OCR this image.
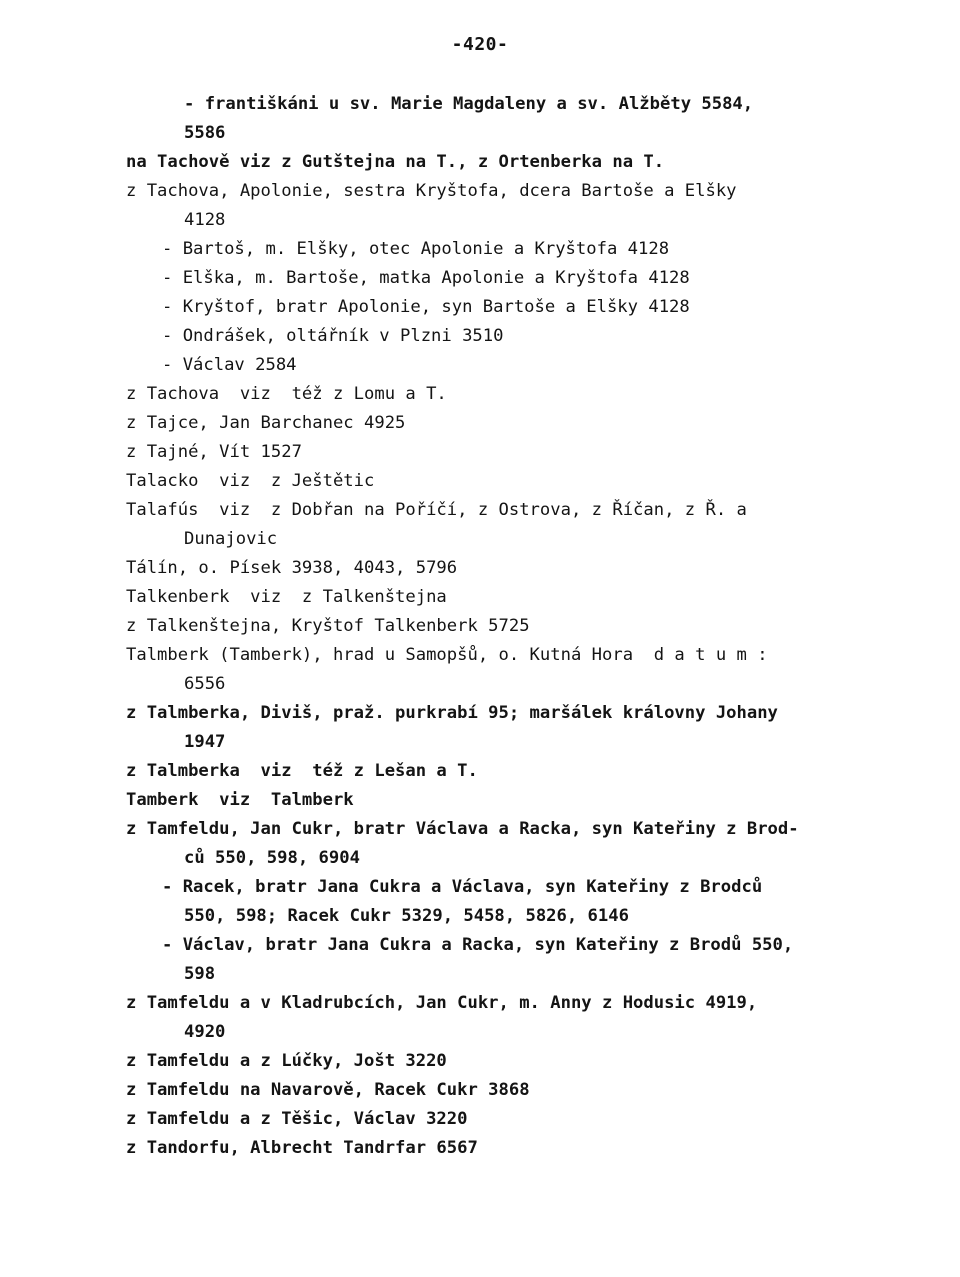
-420-
- františkáni u sv. Marie Magdaleny a sv. Alžběty 5584,
5586
na Tachově viz z Gutštejna na T., z Ortenberka na T.
z Tachova, Apolonie, sestra Kryštofa, dcera Bartoše a Elšky
4128
- Bartoš, m. Elšky, otec Apolonie a Kryštofa 4128
- Elška, m. Bartoše, matka Apolonie a Kryštofa 4128
- Kryštof, bratr Apolonie, syn Bartoše a Elšky 4128
- Ondrášek, oltářník v Plzni 3510
- Václav 2584
z Tachova  viz  též z Lomu a T.
z Tajce, Jan Barchanec 4925
z Tajné, Vít 1527
Talacko  viz  z Ještětic
Talafús  viz  z Dobřan na Poříčí, z Ostrova, z Říčan, z Ř. a
Dunajovic
Tálín, o. Písek 3938, 4043, 5796
Talkenberk  viz  z Talkenštejna
z Talkenštejna, Kryštof Talkenberk 5725
Talmberk (Tamberk), hrad u Samopšů, o. Kutná Hora  d a t u m :
6556
z Talmberka, Diviš, praž. purkrabí 95; maršálek královny Johany
1947
z Talmberka  viz  též z Lešan a T.
Tamberk  viz  Talmberk
z Tamfeldu, Jan Cukr, bratr Václava a Racka, syn Kateřiny z Brod-
ců 550, 598, 6904
- Racek, bratr Jana Cukra a Václava, syn Kateřiny z Brodců
550, 598; Racek Cukr 5329, 5458, 5826, 6146
- Václav, bratr Jana Cukra a Racka, syn Kateřiny z Brodů 550,
598
z Tamfeldu a v Kladrubcích, Jan Cukr, m. Anny z Hodusic 4919,
4920
z Tamfeldu a z Lúčky, Jošt 3220
z Tamfeldu na Navarově, Racek Cukr 3868
z Tamfeldu a z Těšic, Václav 3220
z Tandorfu, Albrecht Tandrfar 6567
